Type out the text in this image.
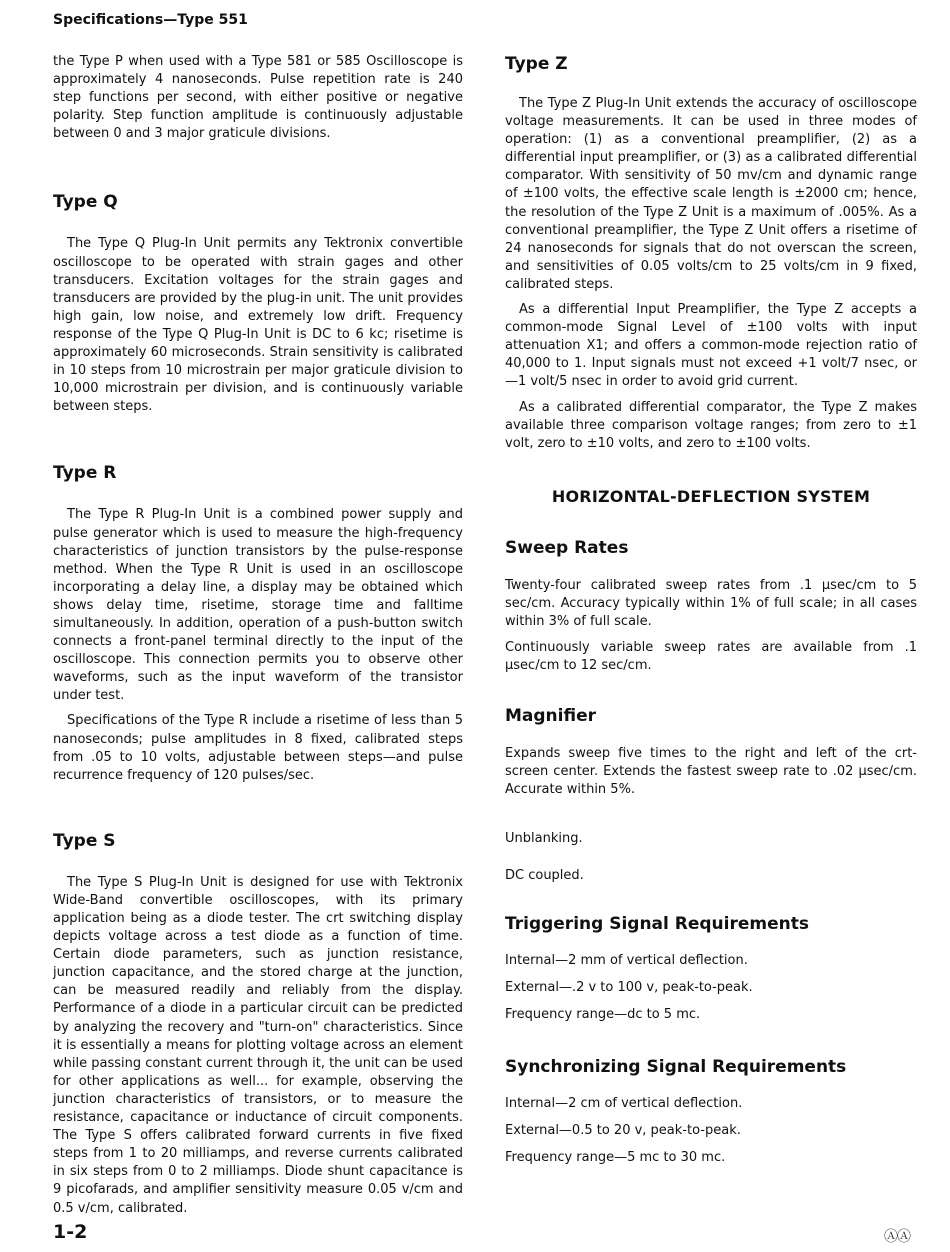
Specifications—Type 551

the Type P when used with a Type 581 or 585 Oscilloscope is approximately 4 nanoseconds. Pulse repetition rate is 240 step functions per second, with either positive or negative polarity. Step function amplitude is continuously adjustable between 0 and 3 major graticule divisions.

Type Q

The Type Q Plug-In Unit permits any Tektronix convertible oscilloscope to be operated with strain gages and other transducers. Excitation voltages for the strain gages and transducers are provided by the plug-in unit. The unit provides high gain, low noise, and extremely low drift. Frequency response of the Type Q Plug-In Unit is DC to 6 kc; risetime is approximately 60 microseconds. Strain sensitivity is calibrated in 10 steps from 10 microstrain per major graticule division to 10,000 microstrain per division, and is continuously variable between steps.

Type R

The Type R Plug-In Unit is a combined power supply and pulse generator which is used to measure the high-frequency characteristics of junction transistors by the pulse-response method. When the Type R Unit is used in an oscilloscope incorporating a delay line, a display may be obtained which shows delay time, risetime, storage time and falltime simultaneously. In addition, operation of a push-button switch connects a front-panel terminal directly to the input of the oscilloscope. This connection permits you to observe other waveforms, such as the input waveform of the transistor under test.

Specifications of the Type R include a risetime of less than 5 nanoseconds; pulse amplitudes in 8 fixed, calibrated steps from .05 to 10 volts, adjustable between steps—and pulse recurrence frequency of 120 pulses/sec.

Type S

The Type S Plug-In Unit is designed for use with Tektronix Wide-Band convertible oscilloscopes, with its primary application being as a diode tester. The crt switching display depicts voltage across a test diode as a function of time. Certain diode parameters, such as junction resistance, junction capacitance, and the stored charge at the junction, can be measured readily and reliably from the display. Performance of a diode in a particular circuit can be predicted by analyzing the recovery and "turn-on" characteristics. Since it is essentially a means for plotting voltage across an element while passing constant current through it, the unit can be used for other applications as well... for example, observing the junction characteristics of transistors, or to measure the resistance, capacitance or inductance of circuit components. The Type S offers calibrated forward currents in five fixed steps from 1 to 20 milliamps, and reverse currents calibrated in six steps from 0 to 2 milliamps. Diode shunt capacitance is 9 picofarads, and amplifier sensitivity measure 0.05 v/cm and 0.5 v/cm, calibrated.

Type Z

The Type Z Plug-In Unit extends the accuracy of oscilloscope voltage measurements. It can be used in three modes of operation: (1) as a conventional preamplifier, (2) as a differential input preamplifier, or (3) as a calibrated differential comparator. With sensitivity of 50 mv/cm and dynamic range of ±100 volts, the effective scale length is ±2000 cm; hence, the resolution of the Type Z Unit is a maximum of .005%. As a conventional preamplifier, the Type Z Unit offers a risetime of 24 nanoseconds for signals that do not overscan the screen, and sensitivities of 0.05 volts/cm to 25 volts/cm in 9 fixed, calibrated steps.

As a differential Input Preamplifier, the Type Z accepts a common-mode Signal Level of ±100 volts with input attenuation X1; and offers a common-mode rejection ratio of 40,000 to 1. Input signals must not exceed +1 volt/7 nsec, or —1 volt/5 nsec in order to avoid grid current.

As a calibrated differential comparator, the Type Z makes available three comparison voltage ranges; from zero to ±1 volt, zero to ±10 volts, and zero to ±100 volts.

HORIZONTAL-DEFLECTION SYSTEM
Sweep Rates

Twenty-four calibrated sweep rates from .1 μsec/cm to 5 sec/cm. Accuracy typically within 1% of full scale; in all cases within 3% of full scale.

Continuously variable sweep rates are available from .1 μsec/cm to 12 sec/cm.

Magnifier

Expands sweep five times to the right and left of the crt-screen center. Extends the fastest sweep rate to .02 μsec/cm. Accurate within 5%.

Unblanking.

DC coupled.

Triggering Signal Requirements

Internal—2 mm of vertical deflection.

External—.2 v to 100 v, peak-to-peak.

Frequency range—dc to 5 mc.

Synchronizing Signal Requirements

Internal—2 cm of vertical deflection.

External—0.5 to 20 v, peak-to-peak.

Frequency range—5 mc to 30 mc.

1-2	ⒶⒶ
